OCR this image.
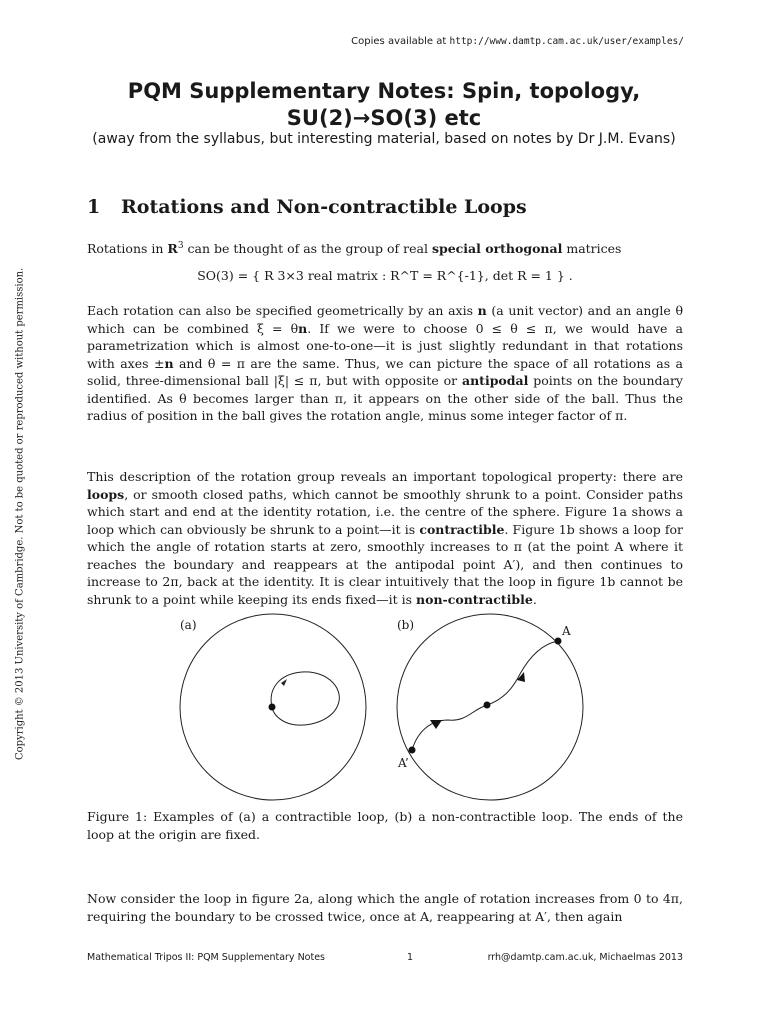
Copies available at http://www.damtp.cam.ac.uk/user/examples/
Copyright © 2013 University of Cambridge. Not to be quoted or reproduced without permission.
PQM Supplementary Notes: Spin, topology, SU(2)→SO(3) etc
(away from the syllabus, but interesting material, based on notes by Dr J.M. Evans)
1 Rotations and Non-contractible Loops

Rotations in $R^3$ can be thought of as the group of real special orthogonal matrices

SO(3) = { R 3×3 real matrix : R^T = R^{-1}, det R = 1 } .

Each rotation can also be specified geometrically by an axis n (a unit vector) and an angle θ which can be combined ξ = θn. If we were to choose 0 ≤ θ ≤ π, we would have a parametrization which is almost one-to-one—it is just slightly redundant in that rotations with axes ±n and θ = π are the same. Thus, we can picture the space of all rotations as a solid, three-dimensional ball |ξ| ≤ π, but with opposite or antipodal points on the boundary identified. As θ becomes larger than π, it appears on the other side of the ball. Thus the radius of position in the ball gives the rotation angle, minus some integer factor of π.

This description of the rotation group reveals an important topological property: there are loops, or smooth closed paths, which cannot be smoothly shrunk to a point. Consider paths which start and end at the identity rotation, i.e. the centre of the sphere. Figure 1a shows a loop which can obviously be shrunk to a point—it is contractible. Figure 1b shows a loop for which the angle of rotation starts at zero, smoothly increases to π (at the point A where it reaches the boundary and reappears at the antipodal point A′), and then continues to increase to 2π, back at the identity. It is clear intuitively that the loop in figure 1b cannot be shrunk to a point while keeping its ends fixed—it is non-contractible.

(a)	(b)	A
A’

Figure 1: Examples of (a) a contractible loop, (b) a non-contractible loop. The ends of the loop at the origin are fixed.

Now consider the loop in figure 2a, along which the angle of rotation increases from 0 to 4π, requiring the boundary to be crossed twice, once at A, reappearing at A′, then again

Mathematical Tripos II: PQM Supplementary Notes	1	rrh@damtp.cam.ac.uk, Michaelmas 2013
